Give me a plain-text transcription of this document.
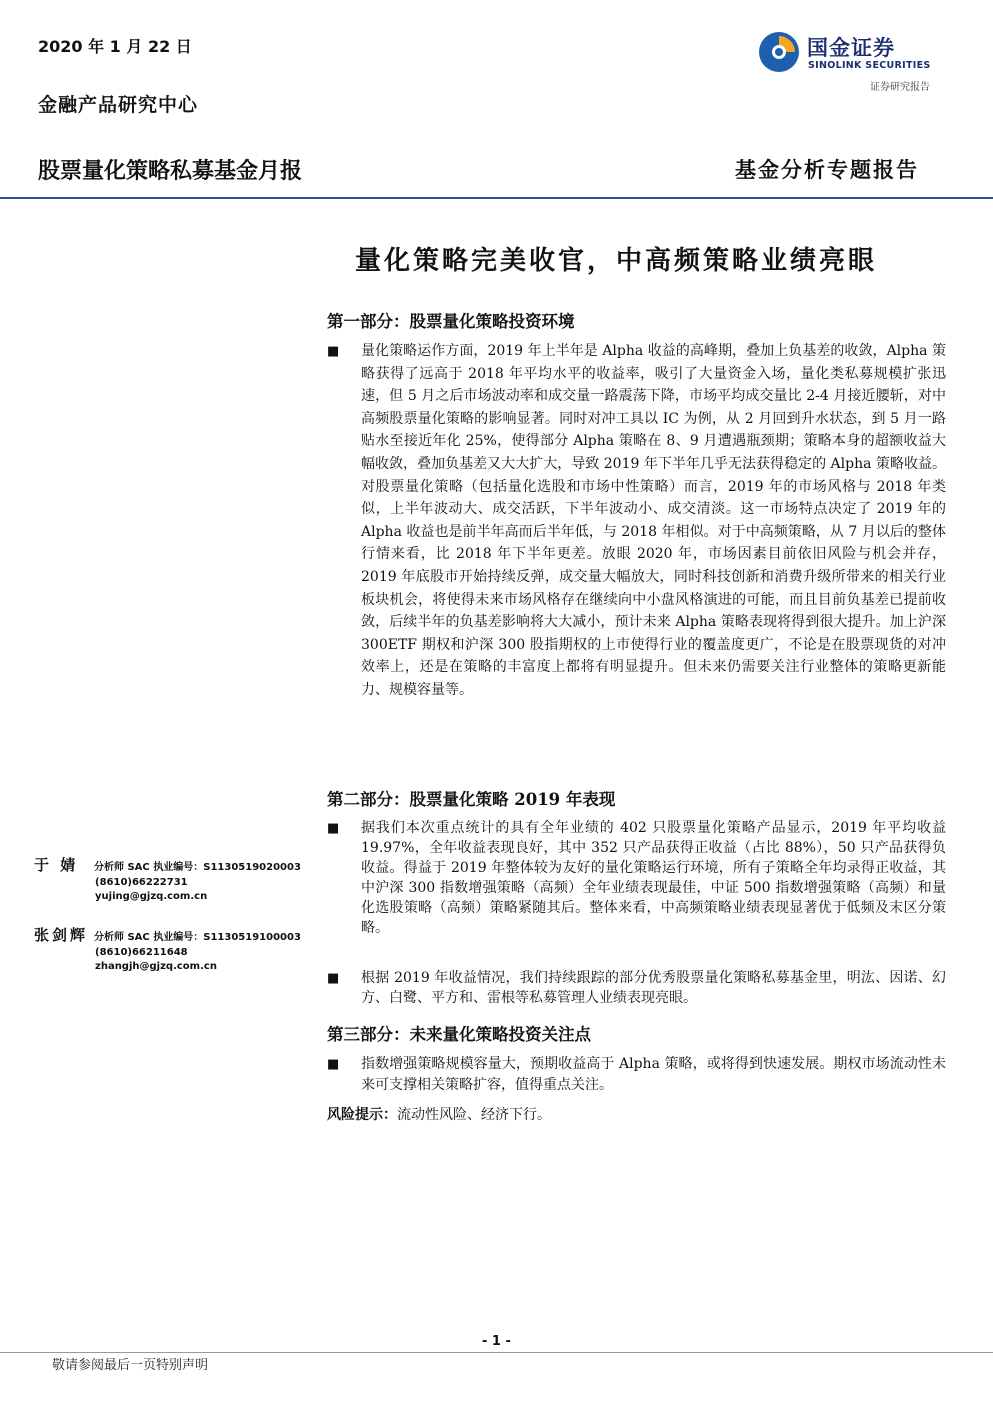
2020 年 1 月 22 日
金融产品研究中心
股票量化策略私募基金月报
国金证券
SINOLINK SECURITIES
证券研究报告
基金分析专题报告
量化策略完美收官，中高频策略业绩亮眼
第一部分：股票量化策略投资环境
■ 量化策略运作方面，2019 年上半年是 Alpha 收益的高峰期，叠加上负基差的收敛，Alpha 策略获得了远高于 2018 年平均水平的收益率，吸引了大量资金入场，量化类私募规模扩张迅速，但 5 月之后市场波动率和成交量一路震荡下降，市场平均成交量比 2-4 月接近腰斩，对中高频股票量化策略的影响显著。同时对冲工具以 IC 为例，从 2 月回到升水状态，到 5 月一路贴水至接近年化 25%，使得部分 Alpha 策略在 8、9 月遭遇瓶颈期；策略本身的超额收益大幅收敛，叠加负基差又大大扩大，导致 2019 年下半年几乎无法获得稳定的 Alpha 策略收益。对股票量化策略（包括量化选股和市场中性策略）而言，2019 年的市场风格与 2018 年类似，上半年波动大、成交活跃，下半年波动小、成交清淡。这一市场特点决定了 2019 年的 Alpha 收益也是前半年高而后半年低，与 2018 年相似。对于中高频策略，从 7 月以后的整体行情来看，比 2018 年下半年更差。放眼 2020 年，市场因素目前依旧风险与机会并存，2019 年底股市开始持续反弹，成交量大幅放大，同时科技创新和消费升级所带来的相关行业板块机会，将使得未来市场风格存在继续向中小盘风格演进的可能，而且目前负基差已提前收敛，后续半年的负基差影响将大大减小，预计未来 Alpha 策略表现将得到很大提升。加上沪深 300ETF 期权和沪深 300 股指期权的上市使得行业的覆盖度更广，不论是在股票现货的对冲效率上，还是在策略的丰富度上都将有明显提升。但未来仍需要关注行业整体的策略更新能力、规模容量等。
第二部分：股票量化策略 2019 年表现
■ 据我们本次重点统计的具有全年业绩的 402 只股票量化策略产品显示，2019 年平均收益 19.97%，全年收益表现良好，其中 352 只产品获得正收益（占比 88%），50 只产品获得负收益。得益于 2019 年整体较为友好的量化策略运行环境，所有子策略全年均录得正收益，其中沪深 300 指数增强策略（高频）全年业绩表现最佳，中证 500 指数增强策略（高频）和量化选股策略（高频）策略紧随其后。整体来看，中高频策略业绩表现显著优于低频及末区分策略。
■ 根据 2019 年收益情况，我们持续跟踪的部分优秀股票量化策略私募基金里，明汯、因诺、幻方、白鹭、平方和、雷根等私募管理人业绩表现亮眼。
第三部分：未来量化策略投资关注点
■ 指数增强策略规模容量大，预期收益高于 Alpha 策略，或将得到快速发展。期权市场流动性未来可支撑相关策略扩容，值得重点关注。
风险提示：流动性风险、经济下行。
于 婧 分析师 SAC 执业编号：S1130519020003
(8610)66222731
yujing@gjzq.com.cn
张剑辉 分析师 SAC 执业编号：S1130519100003
(8610)66211648
zhangjh@gjzq.com.cn
- 1 -
敬请参阅最后一页特别声明
